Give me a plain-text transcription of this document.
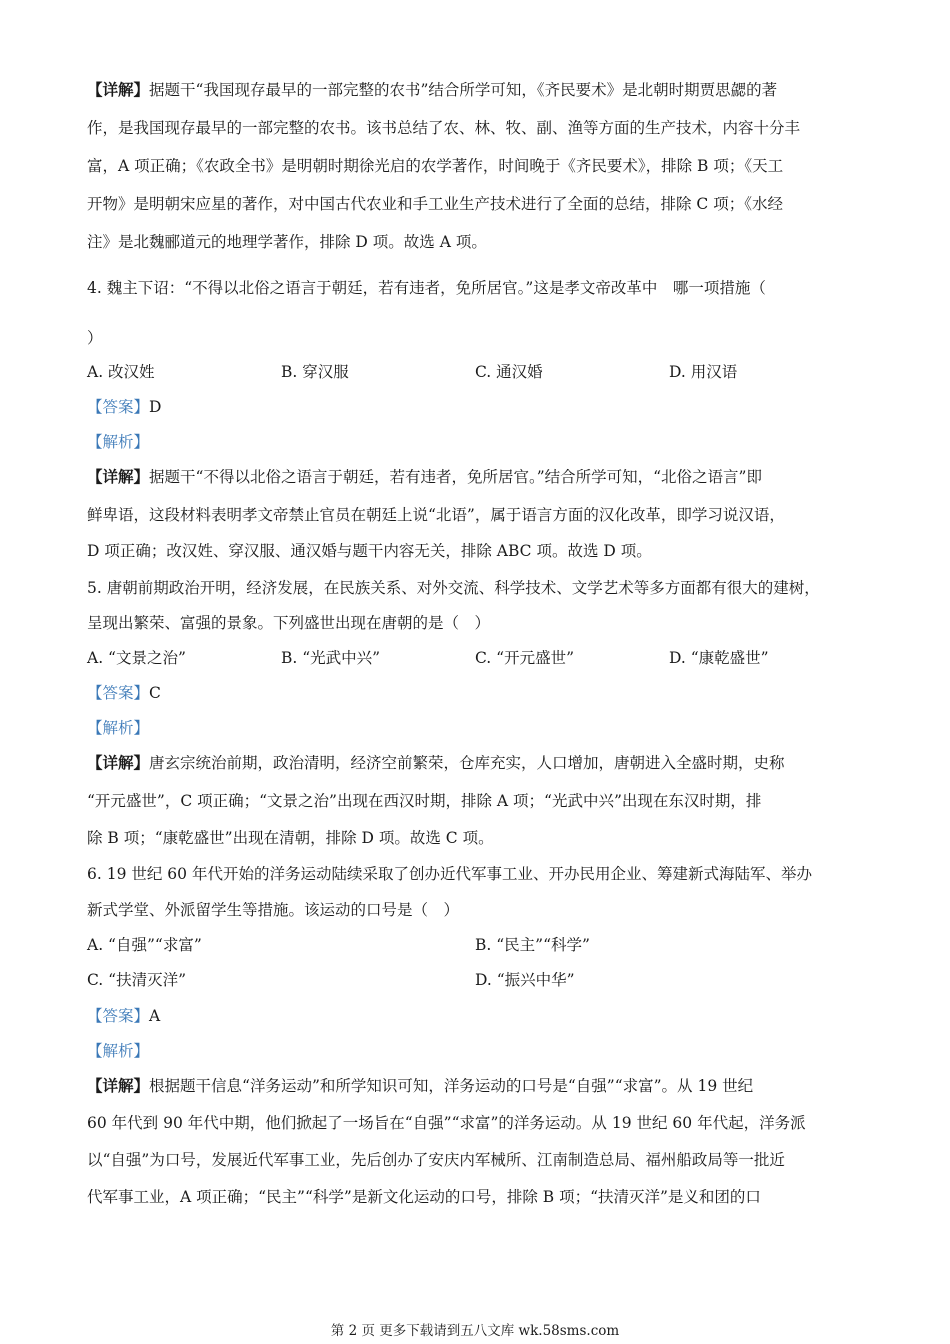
【详解】据题干“我国现存最早的一部完整的农书”结合所学可知，《齐民要术》是北朝时期贾思勰的著
作，是我国现存最早的一部完整的农书。该书总结了农、林、牧、副、渔等方面的生产技术，内容十分丰
富，A 项正确；《农政全书》是明朝时期徐光启的农学著作，时间晚于《齐民要术》，排除 B 项；《天工
开物》是明朝宋应星的著作，对中国古代农业和手工业生产技术进行了全面的总结，排除 C 项；《水经
注》是北魏郦道元的地理学著作，排除 D 项。故选 A 项。
4. 魏主下诏：“不得以北俗之语言于朝廷，若有违者，免所居官。”这是孝文帝改革中　哪一项措施（
）
A. 改汉姓	B. 穿汉服	C. 通汉婚	D. 用汉语
【答案】D
【解析】
【详解】据题干“不得以北俗之语言于朝廷，若有违者，免所居官。”结合所学可知，“北俗之语言”即
鲜卑语，这段材料表明孝文帝禁止官员在朝廷上说“北语”，属于语言方面的汉化改革，即学习说汉语，
D 项正确；改汉姓、穿汉服、通汉婚与题干内容无关，排除 ABC 项。故选 D 项。
5. 唐朝前期政治开明，经济发展，在民族关系、对外交流、科学技术、文学艺术等多方面都有很大的建树，
呈现出繁荣、富强的景象。下列盛世出现在唐朝的是（　）
A. “文景之治”	B. “光武中兴”	C. “开元盛世”	D. “康乾盛世”
【答案】C
【解析】
【详解】唐玄宗统治前期，政治清明，经济空前繁荣，仓库充实，人口增加，唐朝进入全盛时期，史称
“开元盛世”，C 项正确；“文景之治”出现在西汉时期，排除 A 项；“光武中兴”出现在东汉时期，排
除 B 项；“康乾盛世”出现在清朝，排除 D 项。故选 C 项。
6. 19 世纪 60 年代开始的洋务运动陆续采取了创办近代军事工业、开办民用企业、筹建新式海陆军、举办
新式学堂、外派留学生等措施。该运动的口号是（　）
A. “自强”“求富”	B. “民主”“科学”
C. “扶清灭洋”	D. “振兴中华”
【答案】A
【解析】
【详解】根据题干信息“洋务运动”和所学知识可知，洋务运动的口号是“自强”“求富”。从 19 世纪
60 年代到 90 年代中期，他们掀起了一场旨在“自强”“求富”的洋务运动。从 19 世纪 60 年代起，洋务派
以“自强”为口号，发展近代军事工业，先后创办了安庆内军械所、江南制造总局、福州船政局等一批近
代军事工业，A 项正确；“民主”“科学”是新文化运动的口号，排除 B 项；“扶清灭洋”是义和团的口
第 2 页 更多下载请到五八文库 wk.58sms.com
